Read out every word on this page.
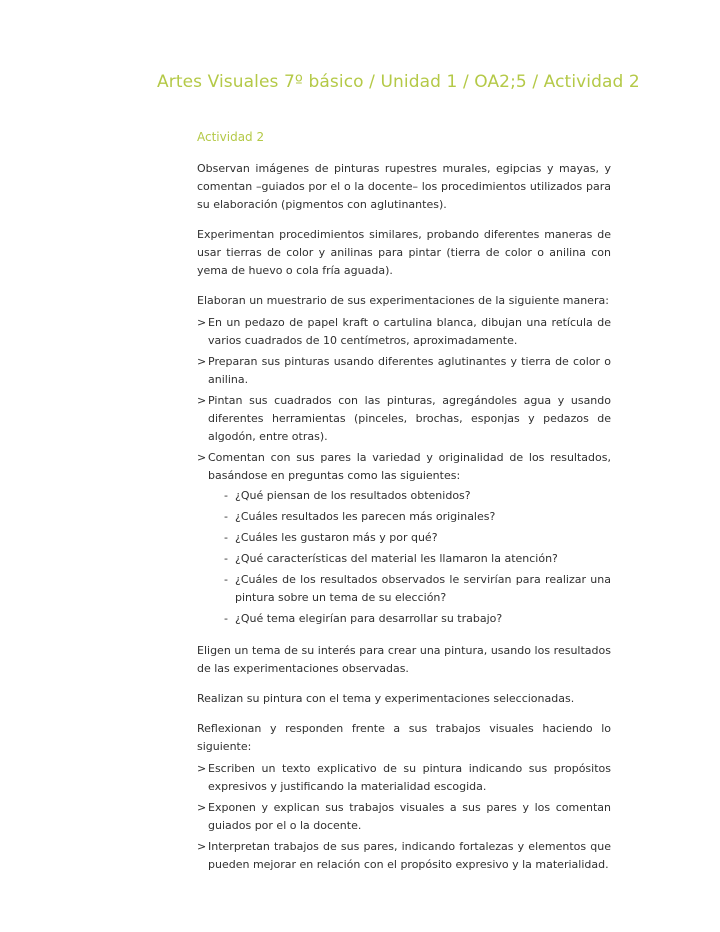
Artes Visuales 7º básico / Unidad 1 / OA2;5 / Actividad 2
Actividad 2

Observan imágenes de pinturas rupestres murales, egipcias y mayas, y comentan –guiados por el o la docente– los procedimientos utilizados para su elaboración (pigmentos con aglutinantes).

Experimentan procedimientos similares, probando diferentes maneras de usar tierras de color y anilinas para pintar (tierra de color o anilina con yema de huevo o cola fría aguada).

Elaboran un muestrario de sus experimentaciones de la siguiente manera:

> En un pedazo de papel kraft o cartulina blanca, dibujan una retícula de varios cuadrados de 10 centímetros, aproximadamente.
> Preparan sus pinturas usando diferentes aglutinantes y tierra de color o anilina.
> Pintan sus cuadrados con las pinturas, agregándoles agua y usando diferentes herramientas (pinceles, brochas, esponjas y pedazos de algodón, entre otras).
> Comentan con sus pares la variedad y originalidad de los resultados, basándose en preguntas como las siguientes:
- ¿Qué piensan de los resultados obtenidos?
- ¿Cuáles resultados les parecen más originales?
- ¿Cuáles les gustaron más y por qué?
- ¿Qué características del material les llamaron la atención?
- ¿Cuáles de los resultados observados le servirían para realizar una pintura sobre un tema de su elección?
- ¿Qué tema elegirían para desarrollar su trabajo?

Eligen un tema de su interés para crear una pintura, usando los resultados de las experimentaciones observadas.

Realizan su pintura con el tema y experimentaciones seleccionadas.

Reflexionan y responden frente a sus trabajos visuales haciendo lo siguiente:

> Escriben un texto explicativo de su pintura indicando sus propósitos expresivos y justificando la materialidad escogida.
> Exponen y explican sus trabajos visuales a sus pares y los comentan guiados por el o la docente.
> Interpretan trabajos de sus pares, indicando fortalezas y elementos que pueden mejorar en relación con el propósito expresivo y la materialidad.
